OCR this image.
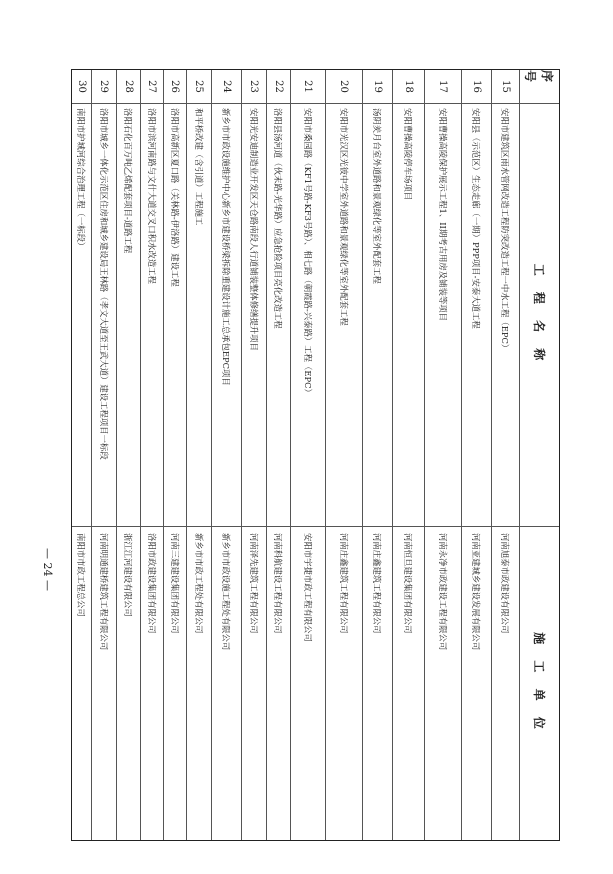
序号
工 程 名 称
施 工 单 位
15
安阳市建筑区雨水管网改造工程防突改造工程一中水工程（EPC）
河南旭泰市政建设有限公司
16
安阳县（示范区）生态走廊（一期）PPP项目-安泰大道工程
河南亚建城乡建设发展有限公司
17
安阳曹操高陵保护展示工程1、II期考古用房及铺装等项目
河南永净市政建设工程有限公司
18
安阳曹操高陵停车场项目
河南恒旦建设集团有限公司
19
汤阴羑月台室外道路和景观绿化等室外配套工程
河南庄鑫建筑工程有限公司
20
安阳市光汉区光彼中学室外道路和景观绿化等室外配套工程
河南庄鑫建筑工程有限公司
21
安阳市桑园路（KF1号路-KF3号路）、相七路（朝霞路-兴泰路）工程（EPC）
安阳市宇捷市政工程有限公司
22
洛阳县汤河道（伙末路-光华路）应急抢险项目亮化改造工程
河南科航建设工程有限公司
23
安阳光安迪制造业开发区天仓路南段人行道铺装整体修缮提升项目
河南泽先建筑工程有限公司
24
新乡市市政设施维护中心新乡市建设桥梁拆除重建设计施工总承包EPC项目
新乡市市政设施工程处有限公司
25
和平桥改建（含引道）工程施工
新乡市市政工程处有限公司
26
洛阳市高新区夏口路（关林路-伊洛路）建设工程
河南三建建设集团有限公司
27
洛阳市滨河南路与文什大道交叉口积水改造工程
洛阳市政建设集团有限公司
28
洛阳石化百万吨乙烯配套项目-道路工程
浙江江河建设有限公司
29
洛阳市城乡一体化示范区住房和城乡建设局王林路（孝文大道至王武大道）建设工程项目一标段
河南明通建桥建筑工程有限公司
30
南阳市护城河综合治理工程（一标段）
南阳市市政工程总公司
— 24 —
